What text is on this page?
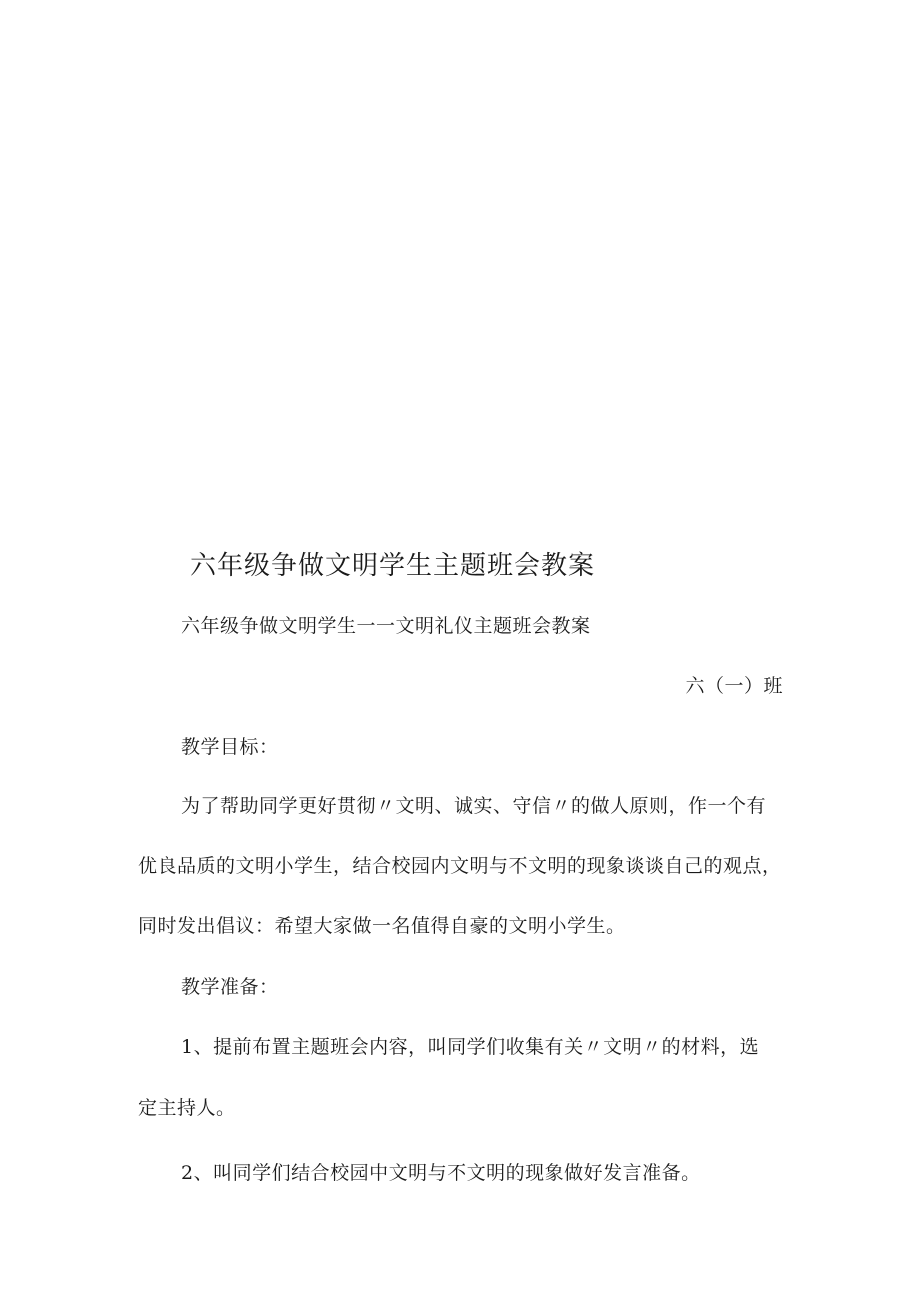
六年级争做文明学生主题班会教案
六年级争做文明学生一一文明礼仪主题班会教案
六（一）班
教学目标：
为了帮助同学更好贯彻〃文明、诚实、守信〃的做人原则，作一个有
优良品质的文明小学生，结合校园内文明与不文明的现象谈谈自己的观点，
同时发出倡议：希望大家做一名值得自豪的文明小学生。
教学准备：
1、提前布置主题班会内容，叫同学们收集有关〃文明〃的材料，选
定主持人。
2、叫同学们结合校园中文明与不文明的现象做好发言准备。
